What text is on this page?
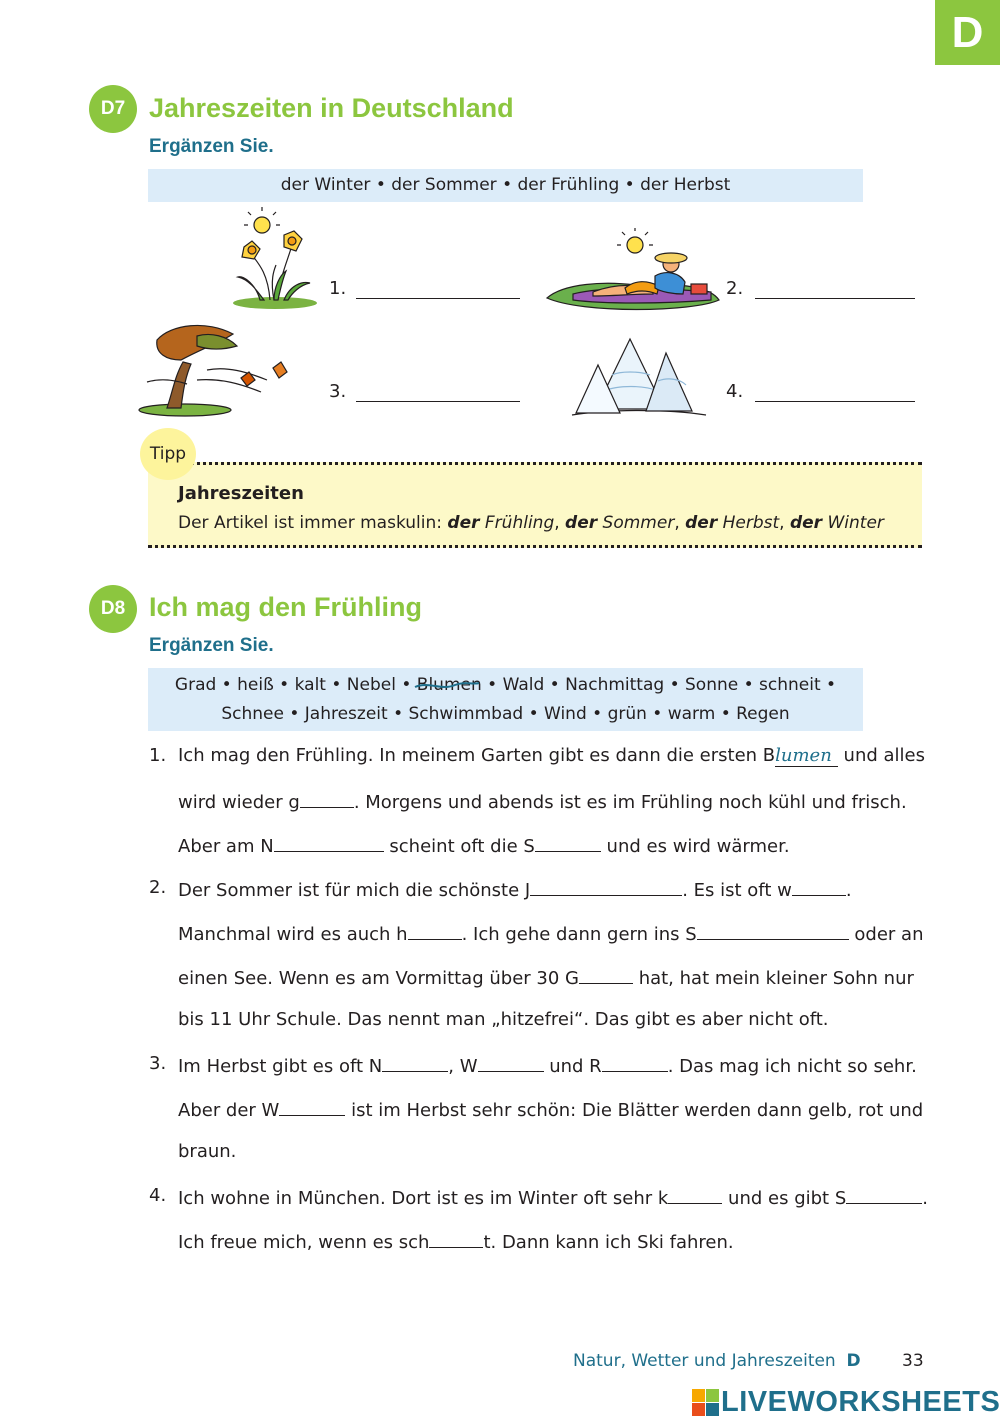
D
D7 Jahreszeiten in Deutschland
Ergänzen Sie.
der Winter • der Sommer • der Frühling • der Herbst
1.	2.
3.	4.
Jahreszeiten
Der Artikel ist immer maskulin: der Frühling, der Sommer, der Herbst, der Winter
Tipp
D8 Ich mag den Frühling
Ergänzen Sie.
Grad • heiß • kalt • Nebel • Blumen
• Wald • Nachmittag • Sonne • schneit •
Schnee • Jahreszeit • Schwimmbad • Wind • grün • warm • Regen
1. Ich mag den Frühling. In meinem Garten gibt es dann die ersten Blumen und alles
wird wieder g	. Morgens und abends ist es im Frühling noch kühl und frisch.
Aber am N	scheint oft die S	und es wird wärmer.
2. Der Sommer ist für mich die schönste J	. Es ist oft w	.
Manchmal wird es auch h	. Ich gehe dann gern ins S	oder an
einen See. Wenn es am Vormittag über 30 G	hat, hat mein kleiner Sohn nur
bis 11 Uhr Schule. Das nennt man „hitzefrei“. Das gibt es aber nicht oft.
3. Im Herbst gibt es oft N	, W	und R	. Das mag ich nicht so sehr.
Aber der W	ist im Herbst sehr schön: Die Blätter werden dann gelb, rot und
braun.
4. Ich wohne in München. Dort ist es im Winter oft sehr k	und es gibt S	.
Ich freue mich, wenn es sch	t. Dann kann ich Ski fahren.
Natur, Wetter und Jahreszeiten D 33
LIVEWORKSHEETS
